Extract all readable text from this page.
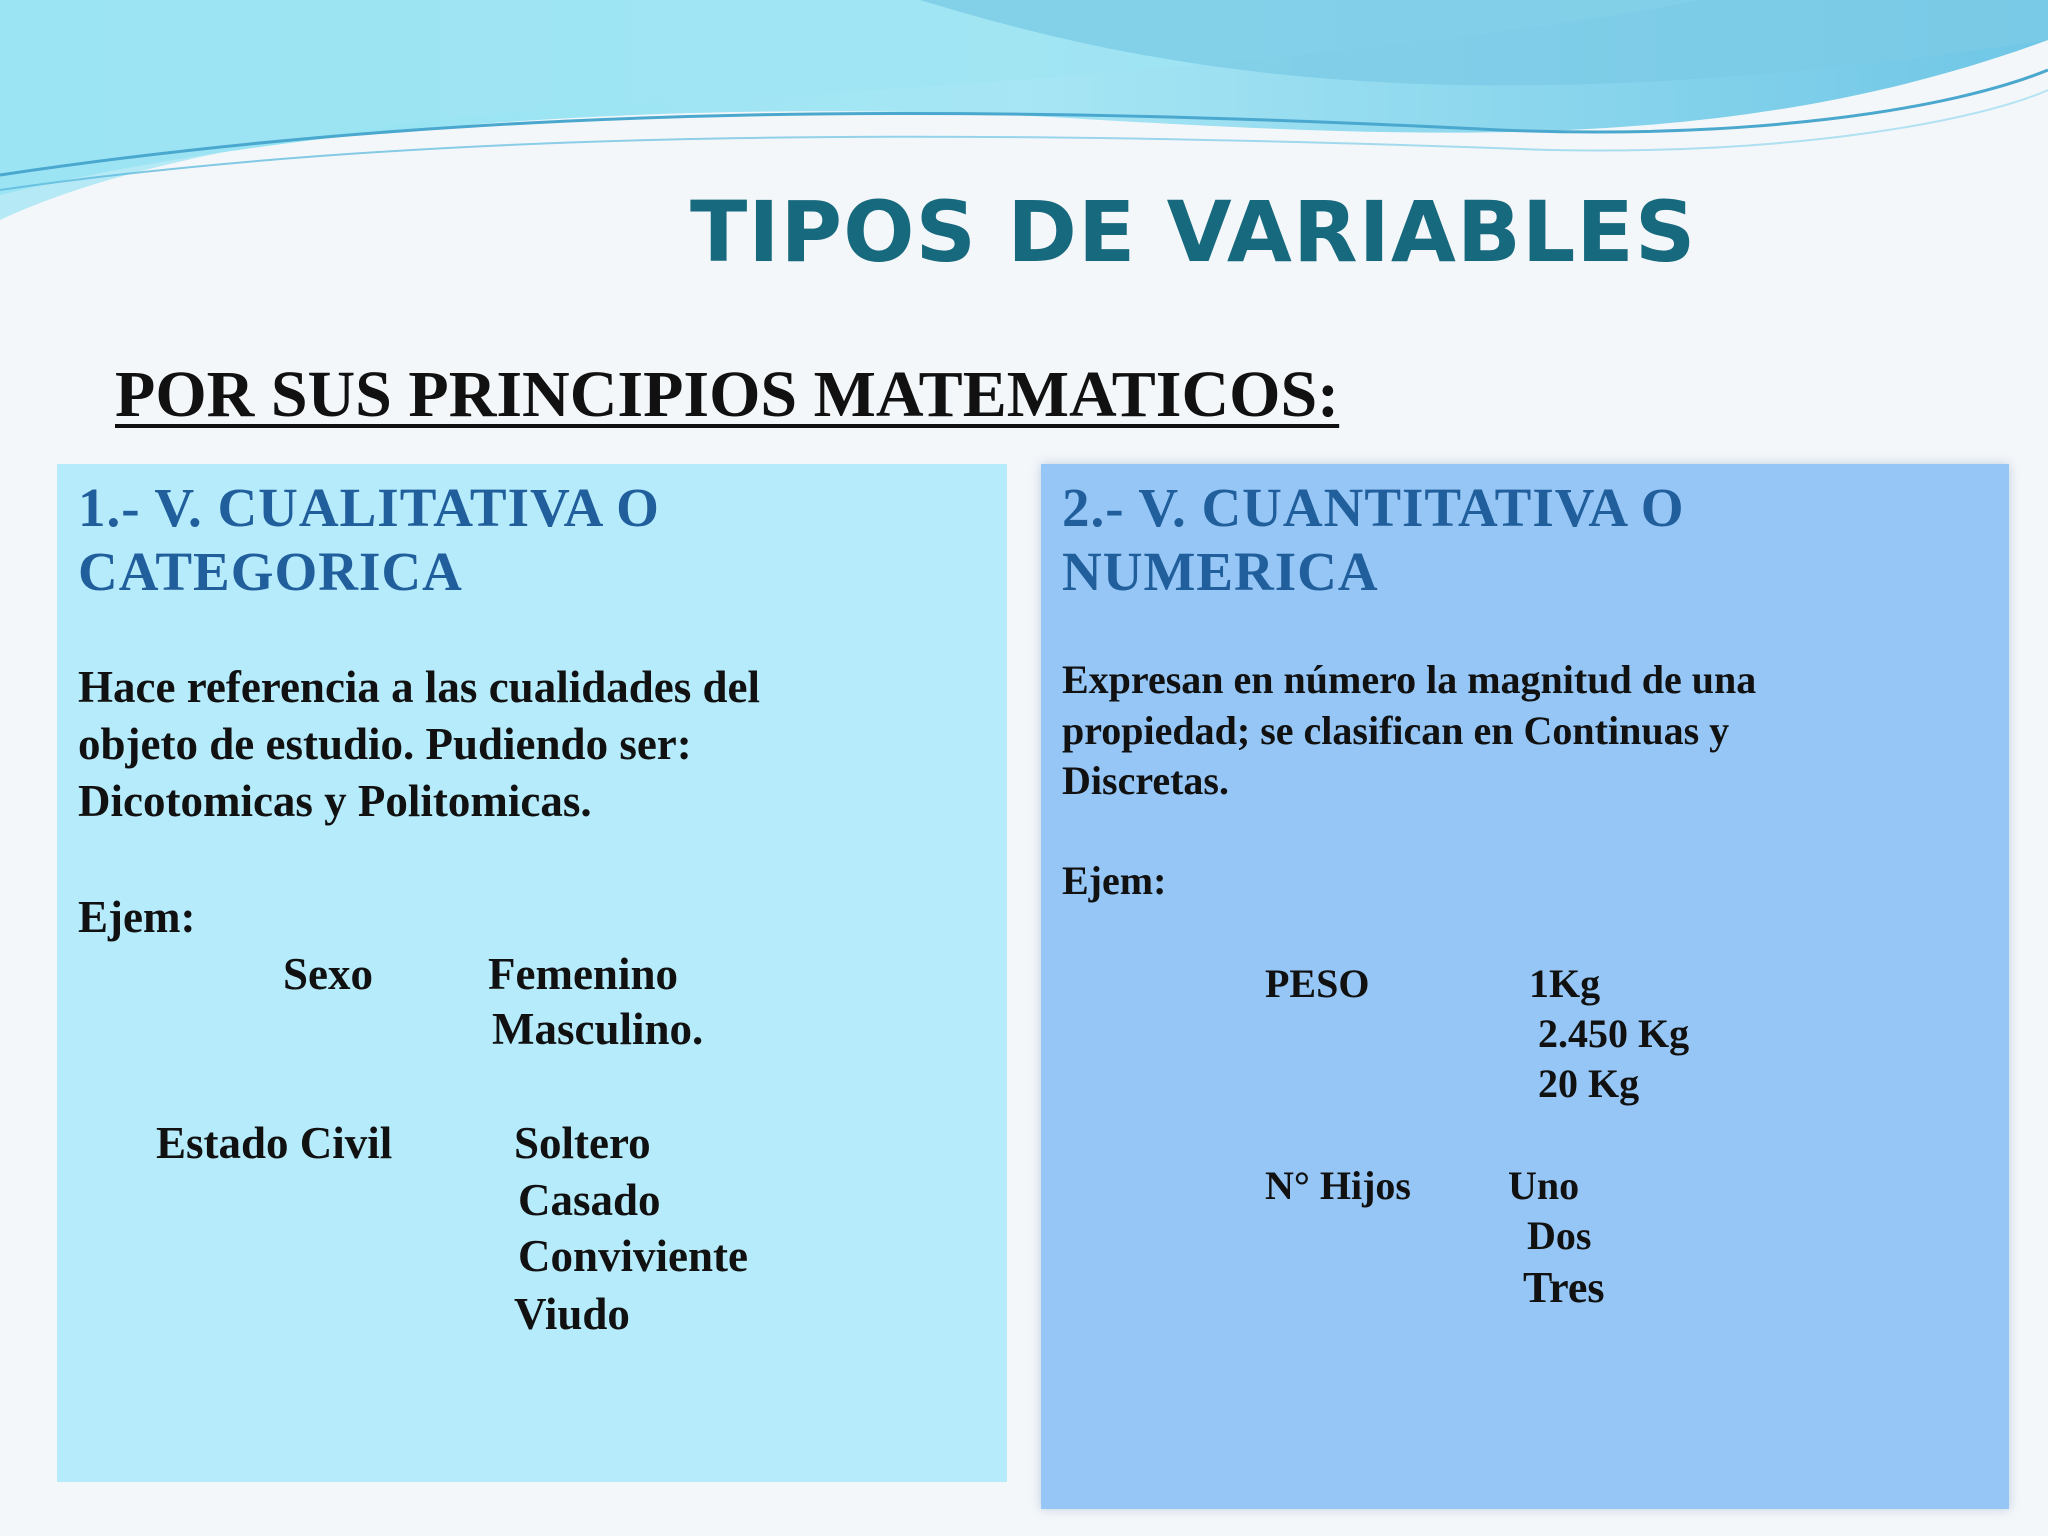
TIPOS DE VARIABLES
POR SUS PRINCIPIOS MATEMATICOS:

1.- V. CUALITATIVA O

CATEGORICA

Hace referencia a las cualidades del

objeto de estudio. Pudiendo ser:

Dicotomicas y Politomicas.

Ejem:

Sexo	Femenino

Masculino.

Estado Civil	Soltero

Casado

Conviviente

Viudo

2.- V. CUANTITATIVA O

NUMERICA

Expresan en número la magnitud de una

propiedad; se clasifican en Continuas y

Discretas.

Ejem:

PESO	1Kg

2.450 Kg

20 Kg

N° Hijos Uno

Dos

Tres
